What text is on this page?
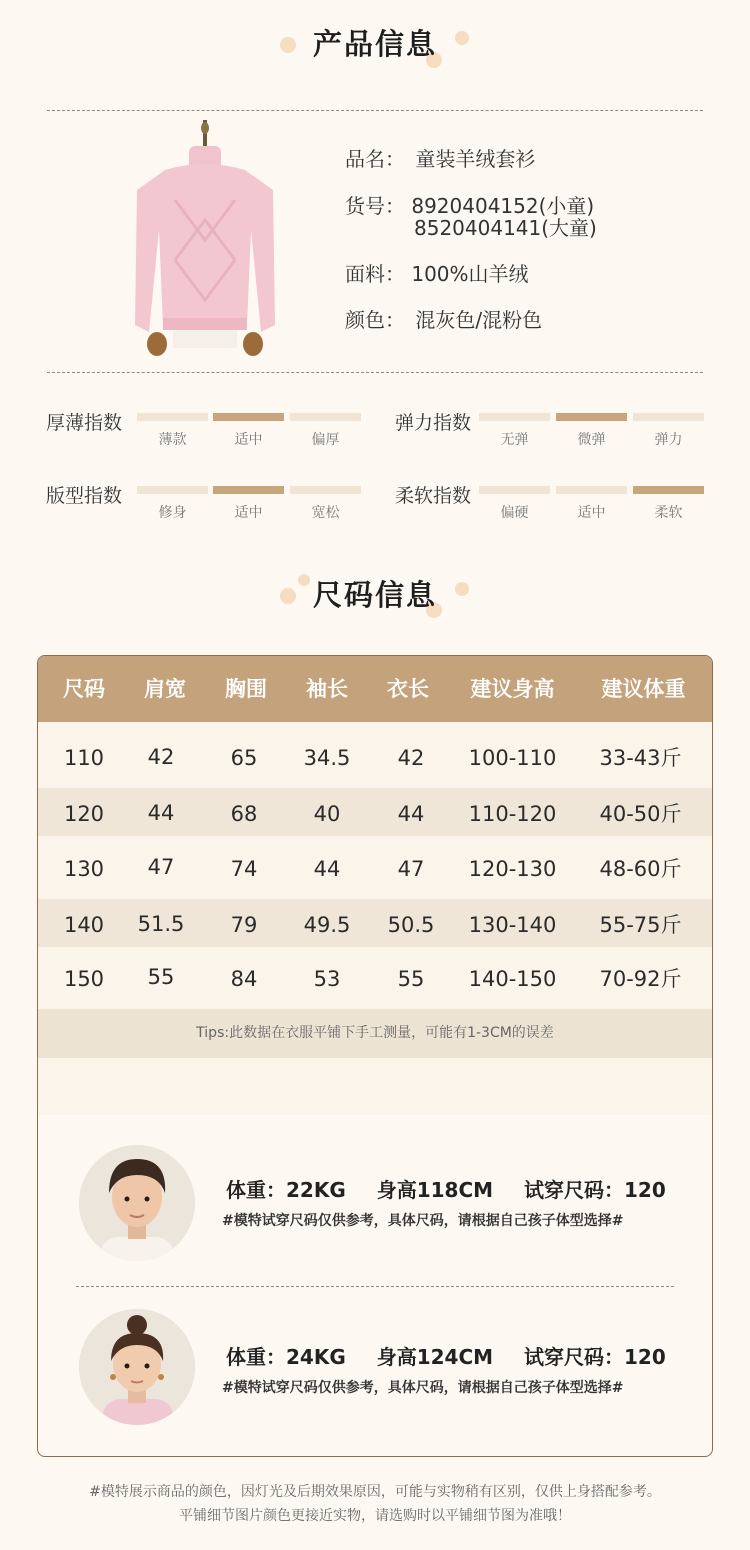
产品信息
品名： 童装羊绒套衫
货号： 8920404152(小童)
8520404141(大童)
面料： 100%山羊绒
颜色： 混灰色/混粉色
厚薄指数
薄款	适中	偏厚
弹力指数
无弹	微弹	弹力
版型指数
修身	适中	宽松
柔软指数
偏硬	适中	柔软
尺码信息
尺码	肩宽	胸围	袖长	衣长	建议身高	建议体重
110	42	65	34.5	42	100-110	33-43斤
120	44	68	40	44	110-120	40-50斤
130	47	74	44	47	120-130	48-60斤
140	51.5	79	49.5	50.5	130-140	55-75斤
150	55	84	53	55	140-150	70-92斤
Tips:此数据在衣服平铺下手工测量，可能有1-3CM的误差
体重：22KG 身高118CM 试穿尺码：120
#模特试穿尺码仅供参考，具体尺码，请根据自己孩子体型选择#
体重：24KG 身高124CM 试穿尺码：120
#模特试穿尺码仅供参考，具体尺码，请根据自己孩子体型选择#
#模特展示商品的颜色，因灯光及后期效果原因，可能与实物稍有区别，仅供上身搭配参考。
平铺细节图片颜色更接近实物，请选购时以平铺细节图为准哦！
